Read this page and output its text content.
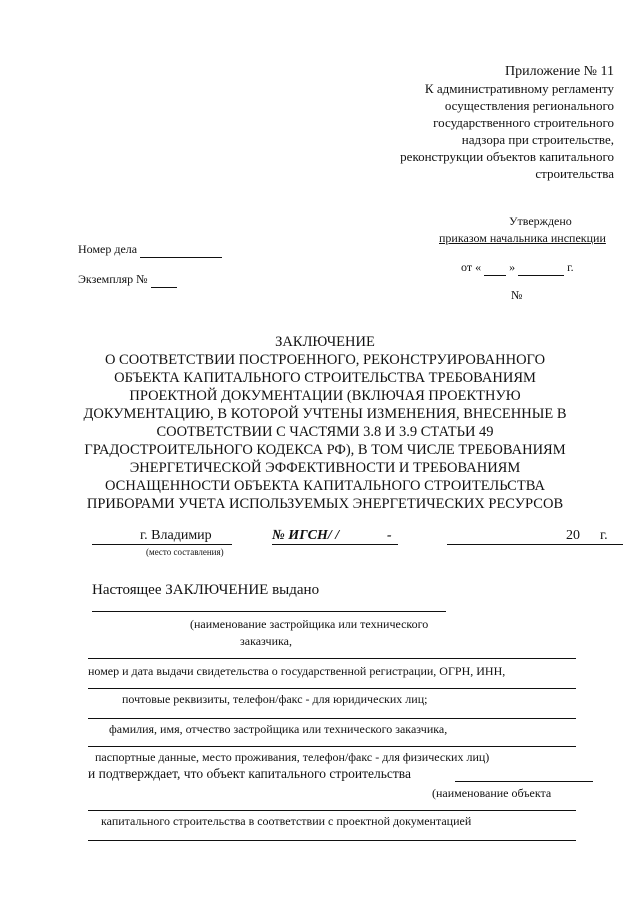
Приложение № 11
К административному регламенту
осуществления регионального
государственного строительного
надзора при строительстве,
реконструкции объектов капитального
строительства
Утверждено
приказом начальника инспекции
от « »	г.
№
Номер дела
Экземпляр №
ЗАКЛЮЧЕНИЕ
О СООТВЕТСТВИИ ПОСТРОЕННОГО, РЕКОНСТРУИРОВАННОГО
ОБЪЕКТА КАПИТАЛЬНОГО СТРОИТЕЛЬСТВА ТРЕБОВАНИЯМ
ПРОЕКТНОЙ ДОКУМЕНТАЦИИ (ВКЛЮЧАЯ ПРОЕКТНУЮ
ДОКУМЕНТАЦИЮ, В КОТОРОЙ УЧТЕНЫ ИЗМЕНЕНИЯ, ВНЕСЕННЫЕ В
СООТВЕТСТВИИ С ЧАСТЯМИ 3.8 И 3.9 СТАТЬИ 49
ГРАДОСТРОИТЕЛЬНОГО КОДЕКСА РФ), В ТОМ ЧИСЛЕ ТРЕБОВАНИЯМ
ЭНЕРГЕТИЧЕСКОЙ ЭФФЕКТИВНОСТИ И ТРЕБОВАНИЯМ
ОСНАЩЕННОСТИ ОБЪЕКТА КАПИТАЛЬНОГО СТРОИТЕЛЬСТВА
ПРИБОРАМИ УЧЕТА ИСПОЛЬЗУЕМЫХ ЭНЕРГЕТИЧЕСКИХ РЕСУРСОВ
г. Владимир
(место составления)
№ ИГСН/ /	-	20 г.
Настоящее ЗАКЛЮЧЕНИЕ выдано
(наименование застройщика или технического
заказчика,
номер и дата выдачи свидетельства о государственной регистрации, ОГРН, ИНН,
почтовые реквизиты, телефон/факс - для юридических лиц;
фамилия, имя, отчество застройщика или технического заказчика,
паспортные данные, место проживания, телефон/факс - для физических лиц)
и подтверждает, что объект капитального строительства
(наименование объекта
капитального строительства в соответствии с проектной документацией
